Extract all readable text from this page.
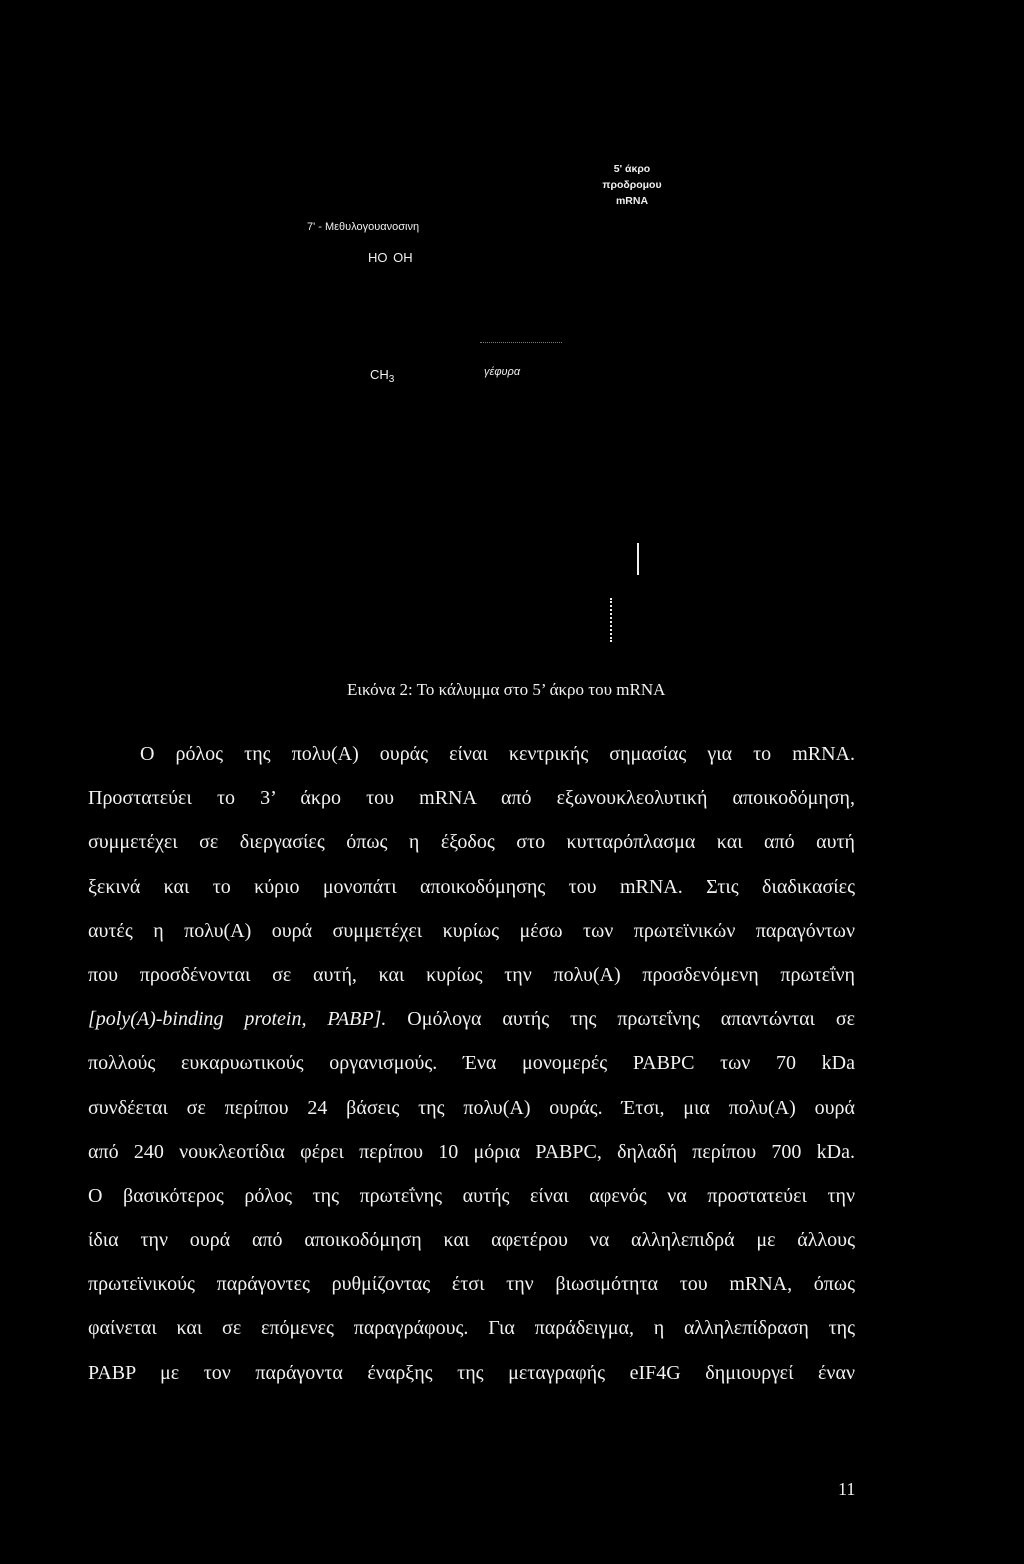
5' άκρο
προδρομου
mRNA
7' - Μεθυλογουανοσινη
HO OH
$CH_3$
γέφυρα
Εικόνα 2: Το κάλυμμα στο 5’ άκρο του mRNA
Ο ρόλος της πολυ(Α) ουράς είναι κεντρικής σημασίας για το mRNA.
Προστατεύει το 3’ άκρο του mRNA από εξωνουκλεολυτική αποικοδόμηση,
συμμετέχει σε διεργασίες όπως η έξοδος στο κυτταρόπλασμα και από αυτή
ξεκινά και το κύριο μονοπάτι αποικοδόμησης του mRNA. Στις διαδικασίες
αυτές η πολυ(Α) ουρά συμμετέχει κυρίως μέσω των πρωτεϊνικών παραγόντων
που προσδένονται σε αυτή, και κυρίως την πολυ(Α) προσδενόμενη πρωτεΐνη
[poly(A)-binding protein, PABP]. Ομόλογα αυτής της πρωτεΐνης απαντώνται σε
πολλούς ευκαρυωτικούς οργανισμούς. Ένα μονομερές PABPC των 70 kDa
συνδέεται σε περίπου 24 βάσεις της πολυ(Α) ουράς. Έτσι, μια πολυ(Α) ουρά
από 240 νουκλεοτίδια φέρει περίπου 10 μόρια PABPC, δηλαδή περίπου 700 kDa.
Ο βασικότερος ρόλος της πρωτεΐνης αυτής είναι αφενός να προστατεύει την
ίδια την ουρά από αποικοδόμηση και αφετέρου να αλληλεπιδρά με άλλους
πρωτεϊνικούς παράγοντες ρυθμίζοντας έτσι την βιωσιμότητα του mRNA, όπως
φαίνεται και σε επόμενες παραγράφους. Για παράδειγμα, η αλληλεπίδραση της
PABP με τον παράγοντα έναρξης της μεταγραφής eIF4G δημιουργεί έναν
11
